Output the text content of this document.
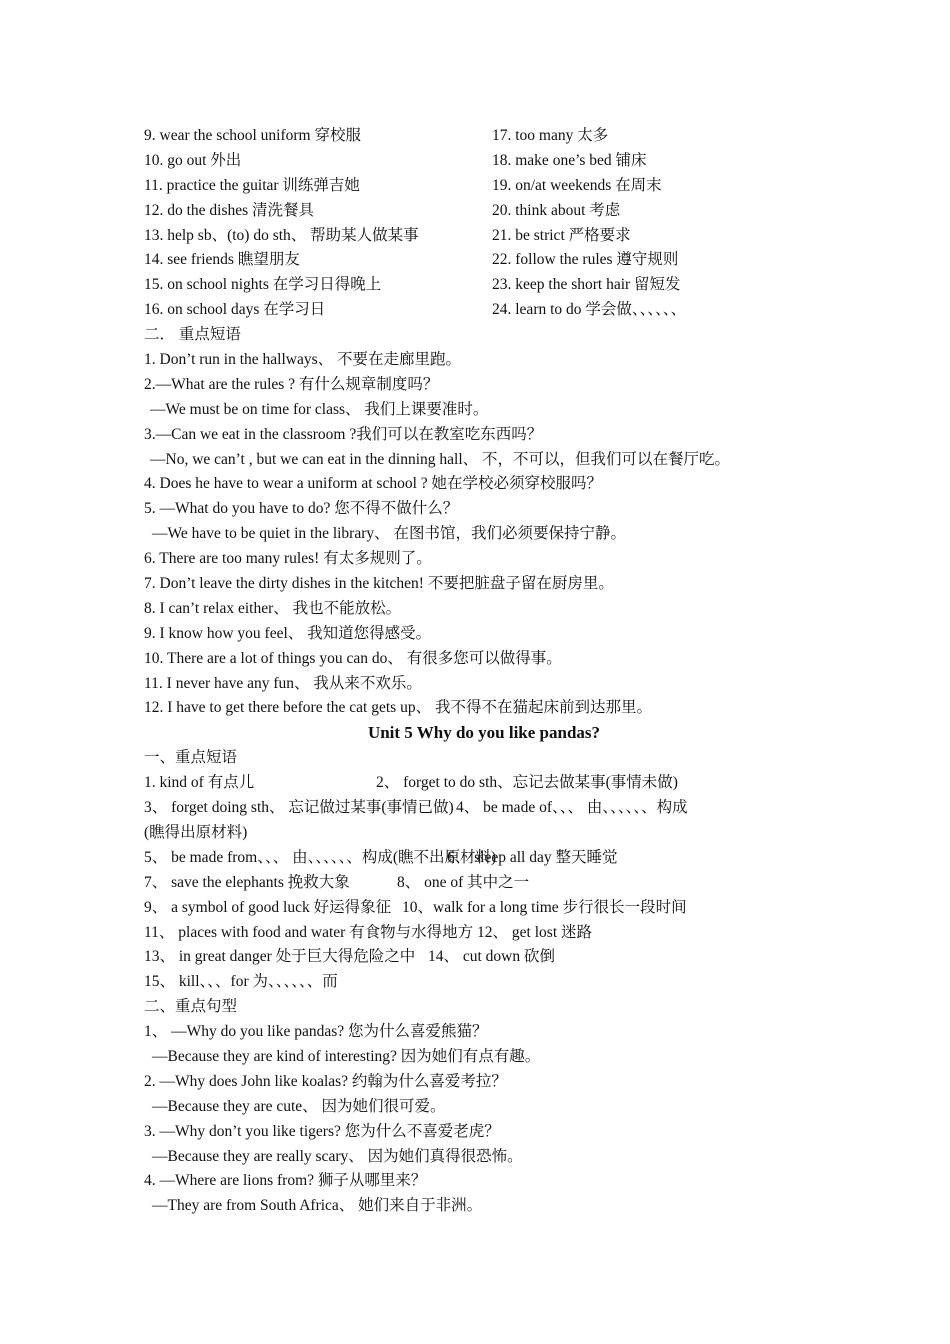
9. wear the school uniform 穿校服
10. go out 外出
11. practice the guitar 训练弹吉她
12. do the dishes 清洗餐具
13. help sb、(to) do sth、 帮助某人做某事
14. see friends 瞧望朋友
15. on school nights 在学习日得晚上
16. on school days 在学习日
17. too many 太多
18. make one’s bed 铺床
19. on/at weekends 在周末
20. think about 考虑
21. be strict 严格要求
22. follow the rules 遵守规则
23. keep the short hair 留短发
24. learn to do 学会做、、、、、、
二． 重点短语
1. Don’t run in the hallways、 不要在走廊里跑。
2.—What are the rules ? 有什么规章制度吗？
—We must be on time for class、 我们上课要准时。
3.—Can we eat in the classroom ?我们可以在教室吃东西吗？
—No, we can’t , but we can eat in the dinning hall、 不，不可以，但我们可以在餐厅吃。
4. Does he have to wear a uniform at school ? 她在学校必须穿校服吗？
5. —What do you have to do? 您不得不做什么？
—We have to be quiet in the library、 在图书馆，我们必须要保持宁静。
6. There are too many rules! 有太多规则了。
7. Don’t leave the dirty dishes in the kitchen! 不要把脏盘子留在厨房里。
8. I can’t relax either、 我也不能放松。
9. I know how you feel、 我知道您得感受。
10. There are a lot of things you can do、 有很多您可以做得事。
11. I never have any fun、 我从来不欢乐。
12. I have to get there before the cat gets up、 我不得不在猫起床前到达那里。
Unit 5 Why do you like pandas?
一、重点短语
1. kind of 有点儿	2、 forget to do sth、忘记去做某事(事情未做)
3、 forget doing sth、 忘记做过某事(事情已做) 4、 be made of、、、 由、、、、、、构成
(瞧得出原材料)
5、 be made from、、、 由、、、、、、构成(瞧不出原材料)6、 sleep all day 整天睡觉
7、 save the elephants 挽救大象	8、 one of 其中之一
9、 a symbol of good luck 好运得象征 10、walk for a long time 步行很长一段时间
11、 places with food and water 有食物与水得地方 12、 get lost 迷路
13、 in great danger 处于巨大得危险之中 14、 cut down 砍倒
15、 kill、、、for 为、、、、、、而
二、重点句型
1、 —Why do you like pandas? 您为什么喜爱熊猫？
—Because they are kind of interesting? 因为她们有点有趣。
2. —Why does John like koalas? 约翰为什么喜爱考拉？
—Because they are cute、 因为她们很可爱。
3. —Why don’t you like tigers? 您为什么不喜爱老虎？
—Because they are really scary、 因为她们真得很恐怖。
4. —Where are lions from? 狮子从哪里来？
—They are from South Africa、 她们来自于非洲。
